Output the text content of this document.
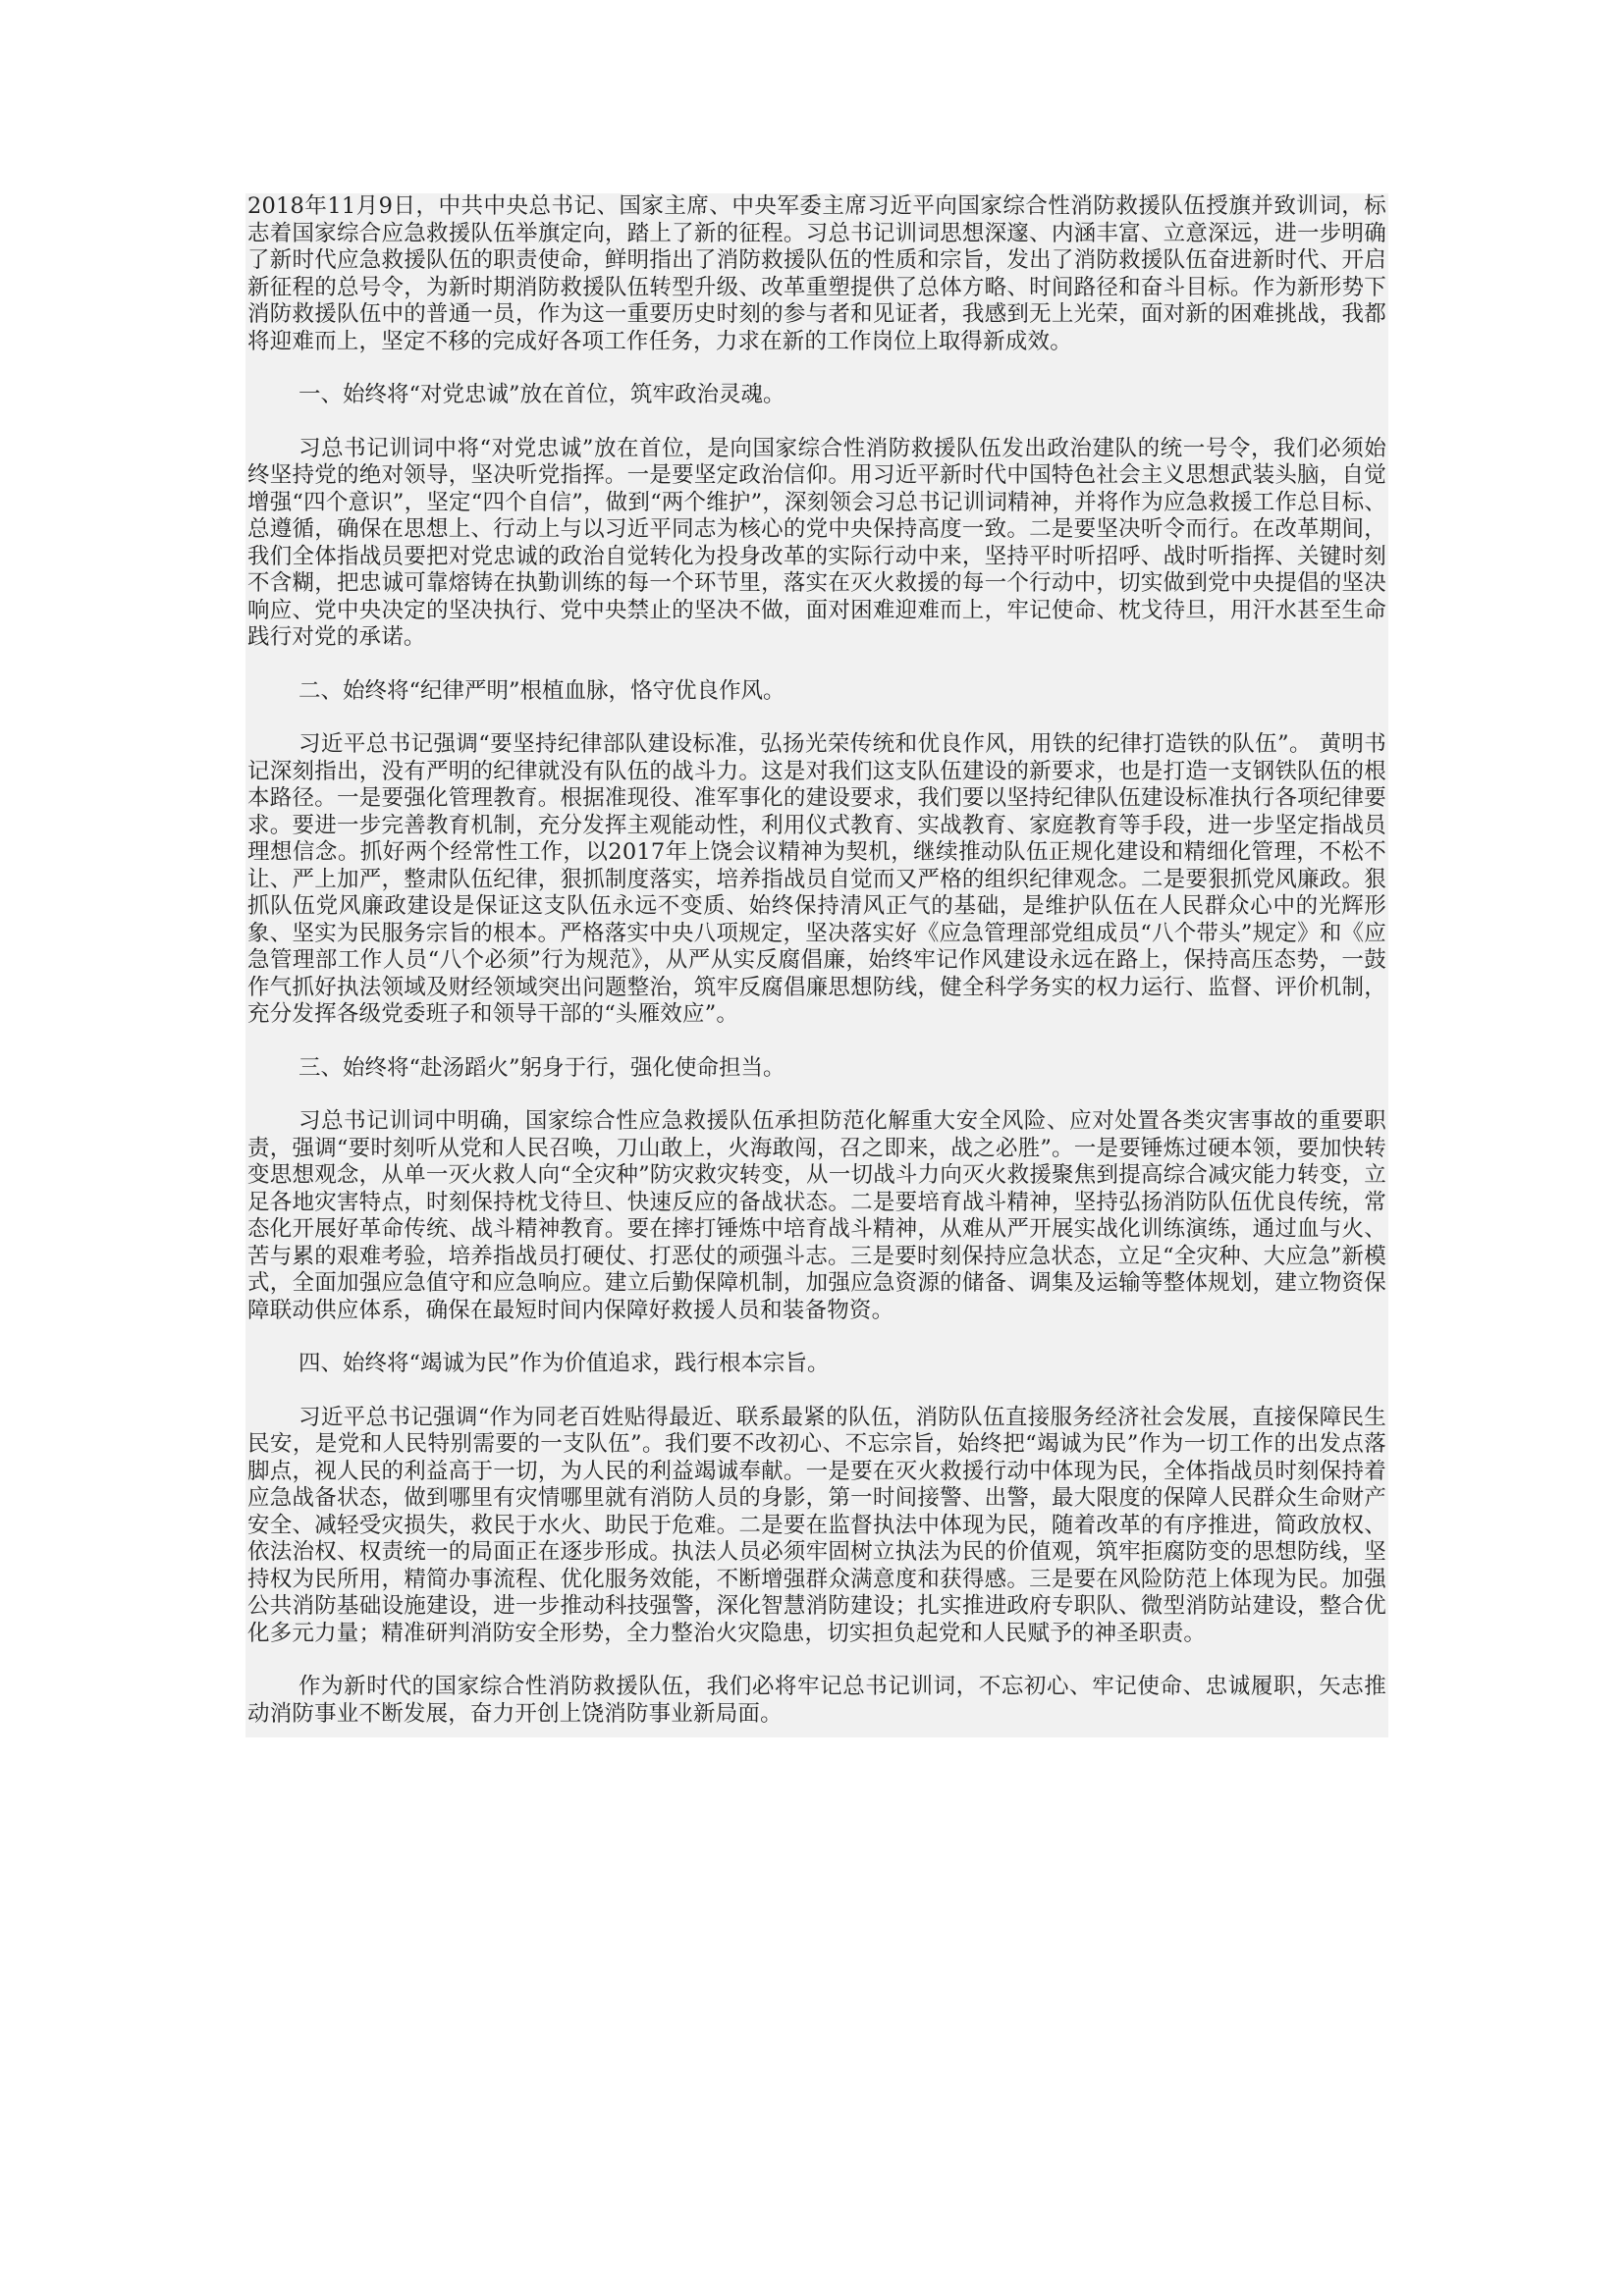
2018年11月9日，中共中央总书记、国家主席、中央军委主席习近平向国家综合性消防救援队伍授旗并致训词，标志着国家综合应急救援队伍举旗定向，踏上了新的征程。习总书记训词思想深邃、内涵丰富、立意深远，进一步明确了新时代应急救援队伍的职责使命，鲜明指出了消防救援队伍的性质和宗旨，发出了消防救援队伍奋进新时代、开启新征程的总号令，为新时期消防救援队伍转型升级、改革重塑提供了总体方略、时间路径和奋斗目标。作为新形势下消防救援队伍中的普通一员，作为这一重要历史时刻的参与者和见证者，我感到无上光荣，面对新的困难挑战，我都将迎难而上，坚定不移的完成好各项工作任务，力求在新的工作岗位上取得新成效。

一、始终将“对党忠诚”放在首位，筑牢政治灵魂。

习总书记训词中将“对党忠诚”放在首位，是向国家综合性消防救援队伍发出政治建队的统一号令，我们必须始终坚持党的绝对领导，坚决听党指挥。一是要坚定政治信仰。用习近平新时代中国特色社会主义思想武装头脑，自觉增强“四个意识”，坚定“四个自信”，做到“两个维护”，深刻领会习总书记训词精神，并将作为应急救援工作总目标、总遵循，确保在思想上、行动上与以习近平同志为核心的党中央保持高度一致。二是要坚决听令而行。在改革期间，我们全体指战员要把对党忠诚的政治自觉转化为投身改革的实际行动中来，坚持平时听招呼、战时听指挥、关键时刻不含糊，把忠诚可靠熔铸在执勤训练的每一个环节里，落实在灭火救援的每一个行动中，切实做到党中央提倡的坚决响应、党中央决定的坚决执行、党中央禁止的坚决不做，面对困难迎难而上，牢记使命、枕戈待旦，用汗水甚至生命践行对党的承诺。

二、始终将“纪律严明”根植血脉，恪守优良作风。

习近平总书记强调“要坚持纪律部队建设标准，弘扬光荣传统和优良作风，用铁的纪律打造铁的队伍”。 黄明书记深刻指出，没有严明的纪律就没有队伍的战斗力。这是对我们这支队伍建设的新要求，也是打造一支钢铁队伍的根本路径。一是要强化管理教育。根据准现役、准军事化的建设要求，我们要以坚持纪律队伍建设标准执行各项纪律要求。要进一步完善教育机制，充分发挥主观能动性，利用仪式教育、实战教育、家庭教育等手段，进一步坚定指战员理想信念。抓好两个经常性工作，以2017年上饶会议精神为契机，继续推动队伍正规化建设和精细化管理，不松不让、严上加严，整肃队伍纪律，狠抓制度落实，培养指战员自觉而又严格的组织纪律观念。二是要狠抓党风廉政。狠抓队伍党风廉政建设是保证这支队伍永远不变质、始终保持清风正气的基础，是维护队伍在人民群众心中的光辉形象、坚实为民服务宗旨的根本。严格落实中央八项规定，坚决落实好《应急管理部党组成员“八个带头”规定》和《应急管理部工作人员“八个必须”行为规范》，从严从实反腐倡廉，始终牢记作风建设永远在路上，保持高压态势，一鼓作气抓好执法领域及财经领域突出问题整治，筑牢反腐倡廉思想防线，健全科学务实的权力运行、监督、评价机制，充分发挥各级党委班子和领导干部的“头雁效应”。

三、始终将“赴汤蹈火”躬身于行，强化使命担当。

习总书记训词中明确，国家综合性应急救援队伍承担防范化解重大安全风险、应对处置各类灾害事故的重要职责，强调“要时刻听从党和人民召唤，刀山敢上，火海敢闯，召之即来，战之必胜”。一是要锤炼过硬本领，要加快转变思想观念，从单一灭火救人向“全灾种”防灾救灾转变，从一切战斗力向灭火救援聚焦到提高综合减灾能力转变，立足各地灾害特点，时刻保持枕戈待旦、快速反应的备战状态。二是要培育战斗精神，坚持弘扬消防队伍优良传统，常态化开展好革命传统、战斗精神教育。要在摔打锤炼中培育战斗精神，从难从严开展实战化训练演练，通过血与火、苦与累的艰难考验，培养指战员打硬仗、打恶仗的顽强斗志。三是要时刻保持应急状态，立足“全灾种、大应急”新模式，全面加强应急值守和应急响应。建立后勤保障机制，加强应急资源的储备、调集及运输等整体规划，建立物资保障联动供应体系，确保在最短时间内保障好救援人员和装备物资。

四、始终将“竭诚为民”作为价值追求，践行根本宗旨。

习近平总书记强调“作为同老百姓贴得最近、联系最紧的队伍，消防队伍直接服务经济社会发展，直接保障民生民安，是党和人民特别需要的一支队伍”。我们要不改初心、不忘宗旨，始终把“竭诚为民”作为一切工作的出发点落脚点，视人民的利益高于一切，为人民的利益竭诚奉献。一是要在灭火救援行动中体现为民，全体指战员时刻保持着应急战备状态，做到哪里有灾情哪里就有消防人员的身影，第一时间接警、出警，最大限度的保障人民群众生命财产安全、减轻受灾损失，救民于水火、助民于危难。二是要在监督执法中体现为民，随着改革的有序推进，简政放权、依法治权、权责统一的局面正在逐步形成。执法人员必须牢固树立执法为民的价值观，筑牢拒腐防变的思想防线，坚持权为民所用，精简办事流程、优化服务效能，不断增强群众满意度和获得感。三是要在风险防范上体现为民。加强公共消防基础设施建设，进一步推动科技强警，深化智慧消防建设；扎实推进政府专职队、微型消防站建设，整合优化多元力量；精准研判消防安全形势，全力整治火灾隐患，切实担负起党和人民赋予的神圣职责。

作为新时代的国家综合性消防救援队伍，我们必将牢记总书记训词，不忘初心、牢记使命、忠诚履职，矢志推动消防事业不断发展，奋力开创上饶消防事业新局面。
